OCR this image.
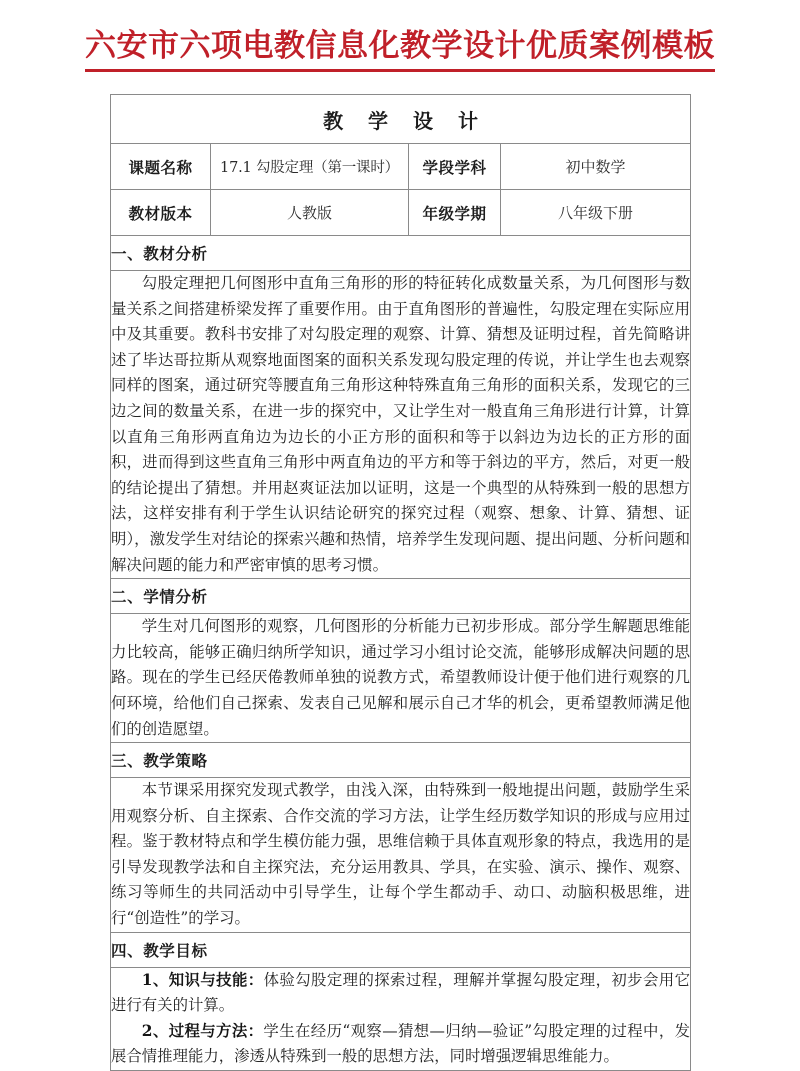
六安市六项电教信息化教学设计优质案例模板
教 学 设 计			
课题名称	17.1 勾股定理（第一课时）	学段学科	初中数学
教材版本	人教版	年级学期	八年级下册
一、教材分析			

勾股定理把几何图形中直角三角形的形的特征转化成数量关系，为几何图形与数量关系之间搭建桥梁发挥了重要作用。由于直角图形的普遍性，勾股定理在实际应用中及其重要。教科书安排了对勾股定理的观察、计算、猜想及证明过程，首先简略讲述了毕达哥拉斯从观察地面图案的面积关系发现勾股定理的传说，并让学生也去观察同样的图案，通过研究等腰直角三角形这种特殊直角三角形的面积关系，发现它的三边之间的数量关系，在进一步的探究中，又让学生对一般直角三角形进行计算，计算以直角三角形两直角边为边长的小正方形的面积和等于以斜边为边长的正方形的面积，进而得到这些直角三角形中两直角边的平方和等于斜边的平方，然后，对更一般的结论提出了猜想。并用赵爽证法加以证明，这是一个典型的从特殊到一般的思想方法，这样安排有利于学生认识结论研究的探究过程（观察、想象、计算、猜想、证明），激发学生对结论的探索兴趣和热情，培养学生发现问题、提出问题、分析问题和解决问题的能力和严密审慎的思考习惯。			

二、学情分析			

学生对几何图形的观察，几何图形的分析能力已初步形成。部分学生解题思维能力比较高，能够正确归纳所学知识，通过学习小组讨论交流，能够形成解决问题的思路。现在的学生已经厌倦教师单独的说教方式，希望教师设计便于他们进行观察的几何环境，给他们自己探索、发表自己见解和展示自己才华的机会，更希望教师满足他们的创造愿望。			

三、教学策略			

本节课采用探究发现式教学，由浅入深，由特殊到一般地提出问题，鼓励学生采用观察分析、自主探索、合作交流的学习方法，让学生经历数学知识的形成与应用过程。鉴于教材特点和学生模仿能力强，思维信赖于具体直观形象的特点，我选用的是引导发现教学法和自主探究法，充分运用教具、学具，在实验、演示、操作、观察、练习等师生的共同活动中引导学生，让每个学生都动手、动口、动脑积极思维，进行“创造性”的学习。			

四、教学目标			

1、知识与技能：体验勾股定理的探索过程，理解并掌握勾股定理，初步会用它进行有关的计算。

2、过程与方法：学生在经历“观察—猜想—归纳—验证”勾股定理的过程中，发展合情推理能力，渗透从特殊到一般的思想方法，同时增强逻辑思维能力。			
